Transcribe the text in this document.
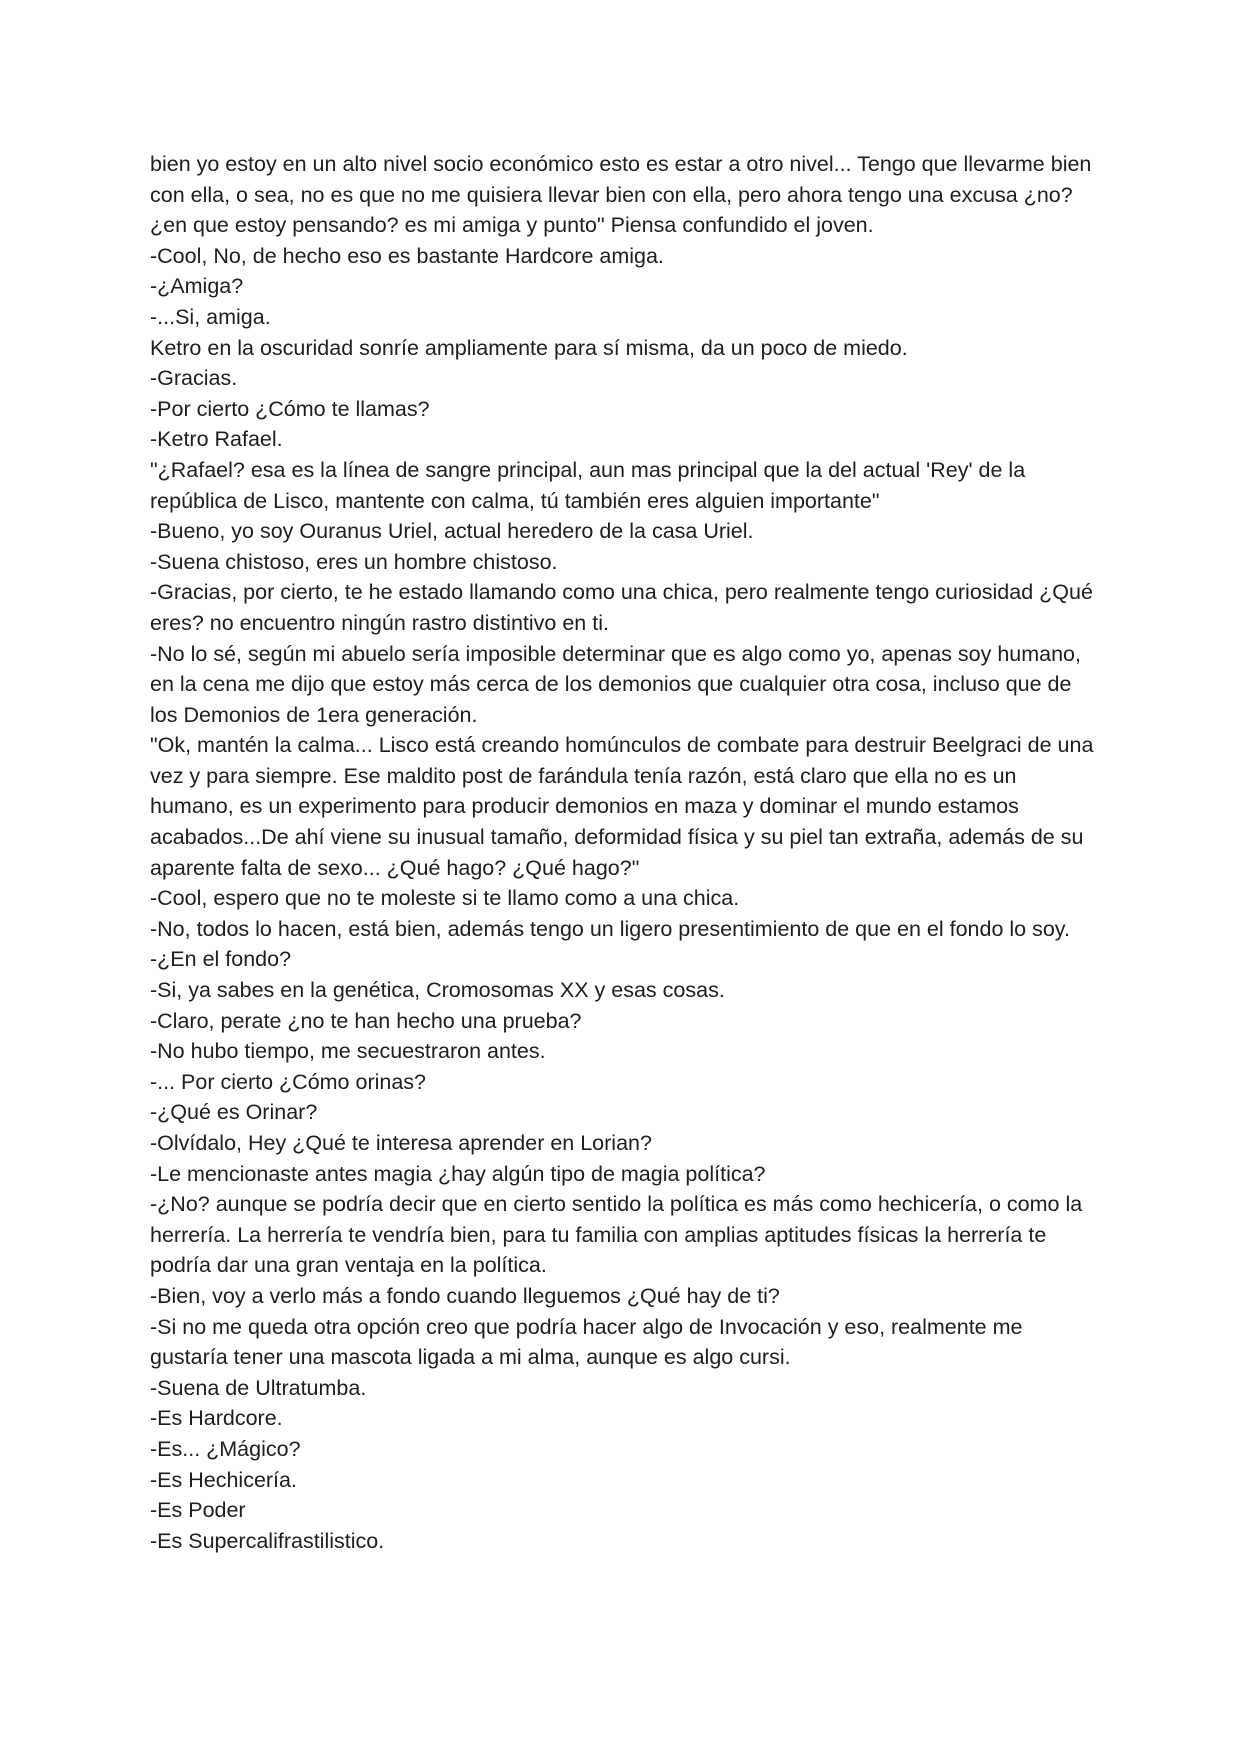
bien yo estoy en un alto nivel socio económico esto es estar a otro nivel... Tengo que llevarme bien con ella, o sea, no es que no me quisiera llevar bien con ella, pero ahora tengo una excusa ¿no? ¿en que estoy pensando? es mi amiga y punto" Piensa confundido el joven.

-Cool, No, de hecho eso es bastante Hardcore amiga.

-¿Amiga?

-...Si, amiga.

Ketro en la oscuridad sonríe ampliamente para sí misma, da un poco de miedo.

-Gracias.

-Por cierto ¿Cómo te llamas?

-Ketro Rafael.

"¿Rafael? esa es la línea de sangre principal, aun mas principal que la del actual 'Rey' de la república de Lisco, mantente con calma, tú también eres alguien importante"

-Bueno, yo soy Ouranus Uriel, actual heredero de la casa Uriel.

-Suena chistoso, eres un hombre chistoso.

-Gracias, por cierto, te he estado llamando como una chica, pero realmente tengo curiosidad ¿Qué eres? no encuentro ningún rastro distintivo en ti.

-No lo sé, según mi abuelo sería imposible determinar que es algo como yo, apenas soy humano, en la cena me dijo que estoy más cerca de los demonios que cualquier otra cosa, incluso que de los Demonios de 1era generación.

"Ok, mantén la calma... Lisco está creando homúnculos de combate para destruir Beelgraci de una vez y para siempre. Ese maldito post de farándula tenía razón, está claro que ella no es un humano, es un experimento para producir demonios en maza y dominar el mundo estamos acabados...De ahí viene su inusual tamaño, deformidad física y su piel tan extraña, además de su aparente falta de sexo... ¿Qué hago? ¿Qué hago?"

-Cool, espero que no te moleste si te llamo como a una chica.

-No, todos lo hacen, está bien, además tengo un ligero presentimiento de que en el fondo lo soy.

-¿En el fondo?

-Si, ya sabes en la genética, Cromosomas XX y esas cosas.

-Claro, perate ¿no te han hecho una prueba?

-No hubo tiempo, me secuestraron antes.

-... Por cierto ¿Cómo orinas?

-¿Qué es Orinar?

-Olvídalo, Hey ¿Qué te interesa aprender en Lorian?

-Le mencionaste antes magia ¿hay algún tipo de magia política?

-¿No? aunque se podría decir que en cierto sentido la política es más como hechicería, o como la herrería. La herrería te vendría bien, para tu familia con amplias aptitudes físicas la herrería te podría dar una gran ventaja en la política.

-Bien, voy a verlo más a fondo cuando lleguemos ¿Qué hay de ti?

-Si no me queda otra opción creo que podría hacer algo de Invocación y eso, realmente me gustaría tener una mascota ligada a mi alma, aunque es algo cursi.

-Suena de Ultratumba.

-Es Hardcore.

-Es... ¿Mágico?

-Es Hechicería.

-Es Poder

-Es Supercalifrastilistico.
